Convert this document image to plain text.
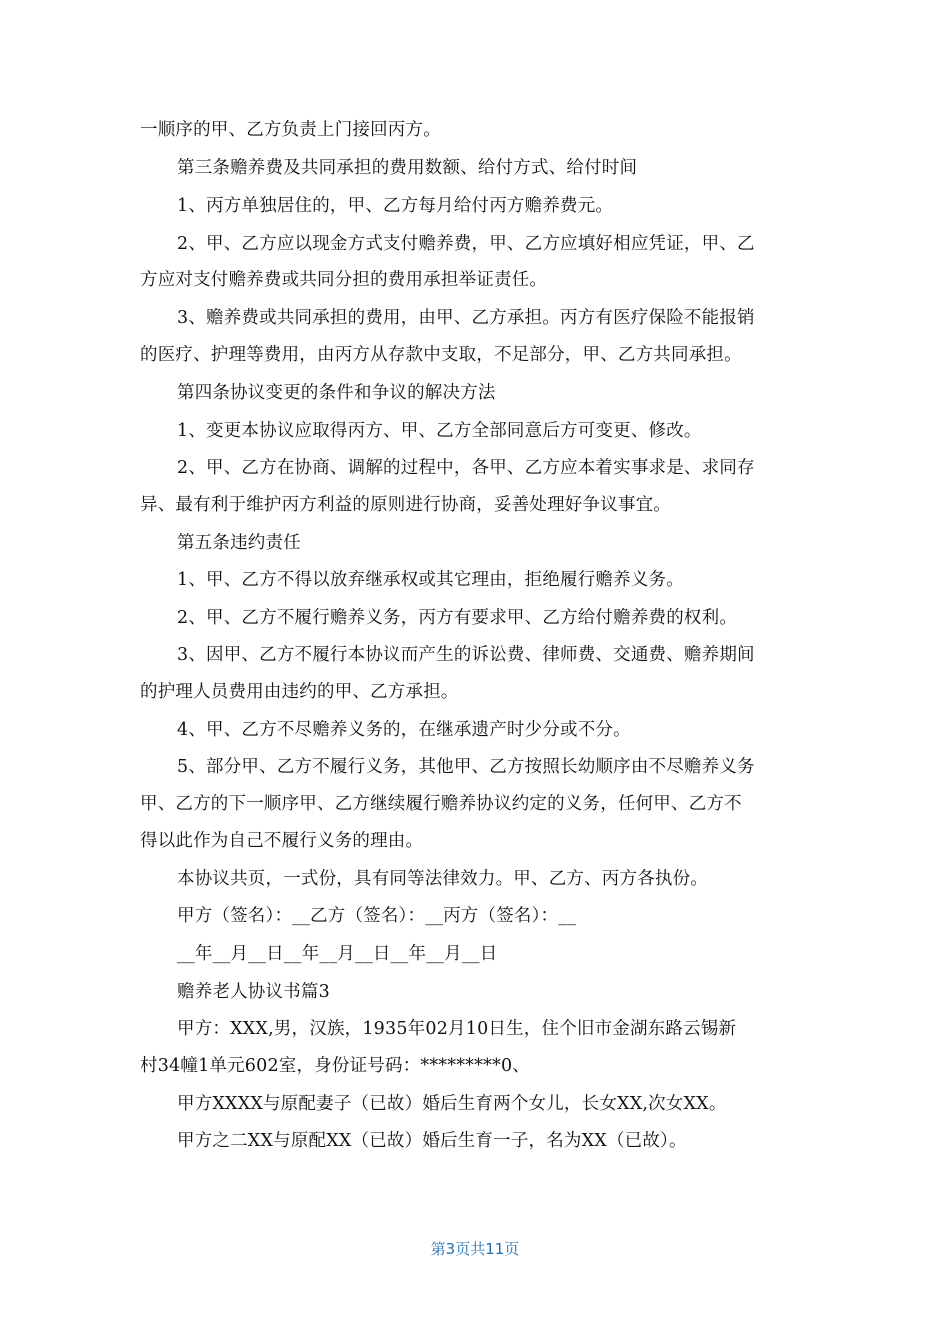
一顺序的甲、乙方负责上门接回丙方。
第三条赡养费及共同承担的费用数额、给付方式、给付时间
1、丙方单独居住的，甲、乙方每月给付丙方赡养费元。
2、甲、乙方应以现金方式支付赡养费，甲、乙方应填好相应凭证，甲、乙
方应对支付赡养费或共同分担的费用承担举证责任。
3、赡养费或共同承担的费用，由甲、乙方承担。丙方有医疗保险不能报销
的医疗、护理等费用，由丙方从存款中支取，不足部分，甲、乙方共同承担。
第四条协议变更的条件和争议的解决方法
1、变更本协议应取得丙方、甲、乙方全部同意后方可变更、修改。
2、甲、乙方在协商、调解的过程中，各甲、乙方应本着实事求是、求同存
异、最有利于维护丙方利益的原则进行协商，妥善处理好争议事宜。
第五条违约责任
1、甲、乙方不得以放弃继承权或其它理由，拒绝履行赡养义务。
2、甲、乙方不履行赡养义务，丙方有要求甲、乙方给付赡养费的权利。
3、因甲、乙方不履行本协议而产生的诉讼费、律师费、交通费、赡养期间
的护理人员费用由违约的甲、乙方承担。
4、甲、乙方不尽赡养义务的，在继承遗产时少分或不分。
5、部分甲、乙方不履行义务，其他甲、乙方按照长幼顺序由不尽赡养义务
甲、乙方的下一顺序甲、乙方继续履行赡养协议约定的义务，任何甲、乙方不
得以此作为自己不履行义务的理由。
本协议共页，一式份，具有同等法律效力。甲、乙方、丙方各执份。
甲方（签名）：__乙方（签名）：__丙方（签名）：__
__年__月__日__年__月__日__年__月__日
赡养老人协议书篇3
甲方：XXX,男，汉族，1935年02月10日生，住个旧市金湖东路云锡新
村34幢1单元602室，身份证号码：*********0、
甲方XXXX与原配妻子（已故）婚后生育两个女儿，长女XX,次女XX。
甲方之二XX与原配XX（已故）婚后生育一子，名为XX（已故）。
第3页共11页
